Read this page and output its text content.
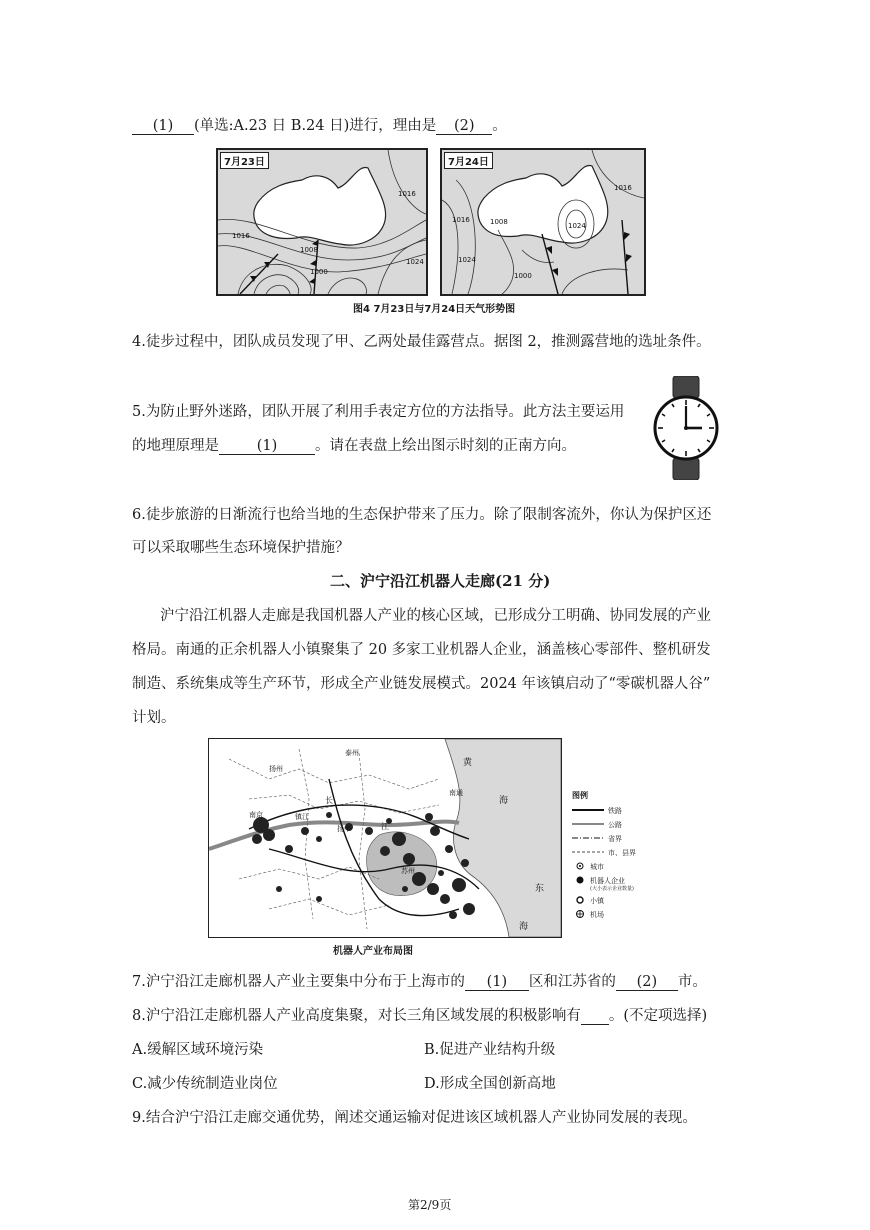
(1) (单选:A.23 日 B.24 日)进行，理由是 (2) 。
1016
1016
1008
1000
1024
7月23日
1016
1016	1008	1024
1024
1000
7月24日
图4 7月23日与7月24日天气形势图
4.徒步过程中，团队成员发现了甲、乙两处最佳露营点。据图 2，推测露营地的选址条件。
5.为防止野外迷路，团队开展了利用手表定方位的方法指导。此方法主要运用
的地理原理是	(1)	。请在表盘上绘出图示时刻的正南方向。
6.徒步旅游的日渐流行也给当地的生态保护带来了压力。除了限制客流外，你认为保护区还
可以采取哪些生态环境保护措施？
二、沪宁沿江机器人走廊(21 分)
沪宁沿江机器人走廊是我国机器人产业的核心区域，已形成分工明确、协同发展的产业
格局。南通的正余机器人小镇聚集了 20 多家工业机器人企业，涵盖核心零部件、整机研发
制造、系统集成等生产环节，形成全产业链发展模式。2024 年该镇启动了“零碳机器人谷”
计划。
扬州
长
江
苏州
南通
黄
海
东
海
泰州
扬中
南京	镇江
图例
铁路
公路
省界
市、县界
城市
机器人企业
(大小表示企业数量)
小镇
机场
机器人产业布局图
7.沪宁沿江走廊机器人产业主要集中分布于上海市的 (1) 区和江苏省的 (2) 市。
8.沪宁沿江走廊机器人产业高度集聚，对长三角区域发展的积极影响有 。(不定项选择)
A.缓解区域环境污染	B.促进产业结构升级
C.减少传统制造业岗位	D.形成全国创新高地
9.结合沪宁沿江走廊交通优势，阐述交通运输对促进该区域机器人产业协同发展的表现。
第2/9页
